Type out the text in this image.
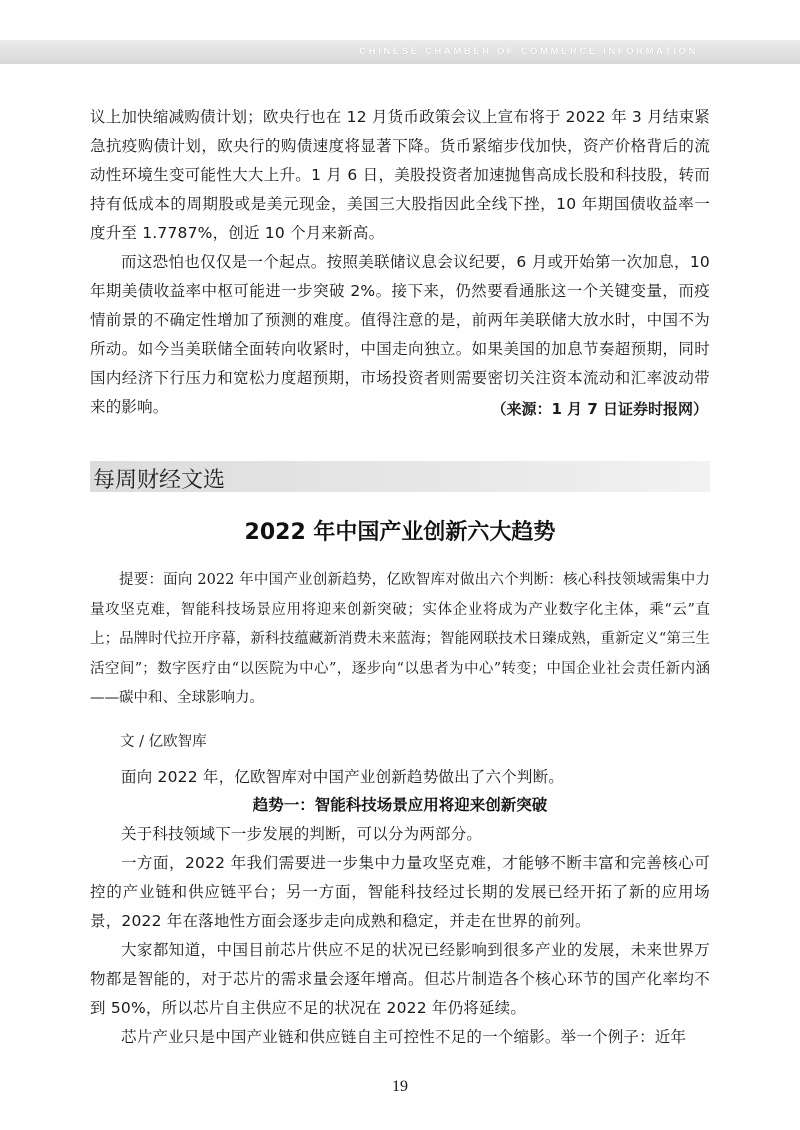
CHINESE CHAMBER OF COMMERCE INFORMATION

议上加快缩减购债计划；欧央行也在 12 月货币政策会议上宣布将于 2022 年 3 月结束紧急抗疫购债计划，欧央行的购债速度将显著下降。货币紧缩步伐加快，资产价格背后的流动性环境生变可能性大大上升。1 月 6 日，美股投资者加速抛售高成长股和科技股，转而持有低成本的周期股或是美元现金，美国三大股指因此全线下挫，10 年期国债收益率一度升至 1.7787%，创近 10 个月来新高。

而这恐怕也仅仅是一个起点。按照美联储议息会议纪要，6 月或开始第一次加息，10 年期美债收益率中枢可能进一步突破 2%。接下来，仍然要看通胀这一个关键变量，而疫情前景的不确定性增加了预测的难度。值得注意的是，前两年美联储大放水时，中国不为所动。如今当美联储全面转向收紧时，中国走向独立。如果美国的加息节奏超预期，同时国内经济下行压力和宽松力度超预期，市场投资者则需要密切关注资本流动和汇率波动带来的影响。	（来源：1 月 7 日证券时报网）
每周财经文选
2022 年中国产业创新六大趋势

提要：面向 2022 年中国产业创新趋势，亿欧智库对做出六个判断：核心科技领域需集中力量攻坚克难，智能科技场景应用将迎来创新突破；实体企业将成为产业数字化主体，乘“云”直上；品牌时代拉开序幕，新科技蕴藏新消费未来蓝海；智能网联技术日臻成熟，重新定义“第三生活空间”；数字医疗由“以医院为中心”，逐步向“以患者为中心”转变；中国企业社会责任新内涵——碳中和、全球影响力。

文 / 亿欧智库

面向 2022 年，亿欧智库对中国产业创新趋势做出了六个判断。

趋势一：智能科技场景应用将迎来创新突破

关于科技领域下一步发展的判断，可以分为两部分。

一方面，2022 年我们需要进一步集中力量攻坚克难，才能够不断丰富和完善核心可控的产业链和供应链平台；另一方面，智能科技经过长期的发展已经开拓了新的应用场景，2022 年在落地性方面会逐步走向成熟和稳定，并走在世界的前列。

大家都知道，中国目前芯片供应不足的状况已经影响到很多产业的发展，未来世界万物都是智能的，对于芯片的需求量会逐年增高。但芯片制造各个核心环节的国产化率均不到 50%，所以芯片自主供应不足的状况在 2022 年仍将延续。

芯片产业只是中国产业链和供应链自主可控性不足的一个缩影。举一个例子：近年

19
